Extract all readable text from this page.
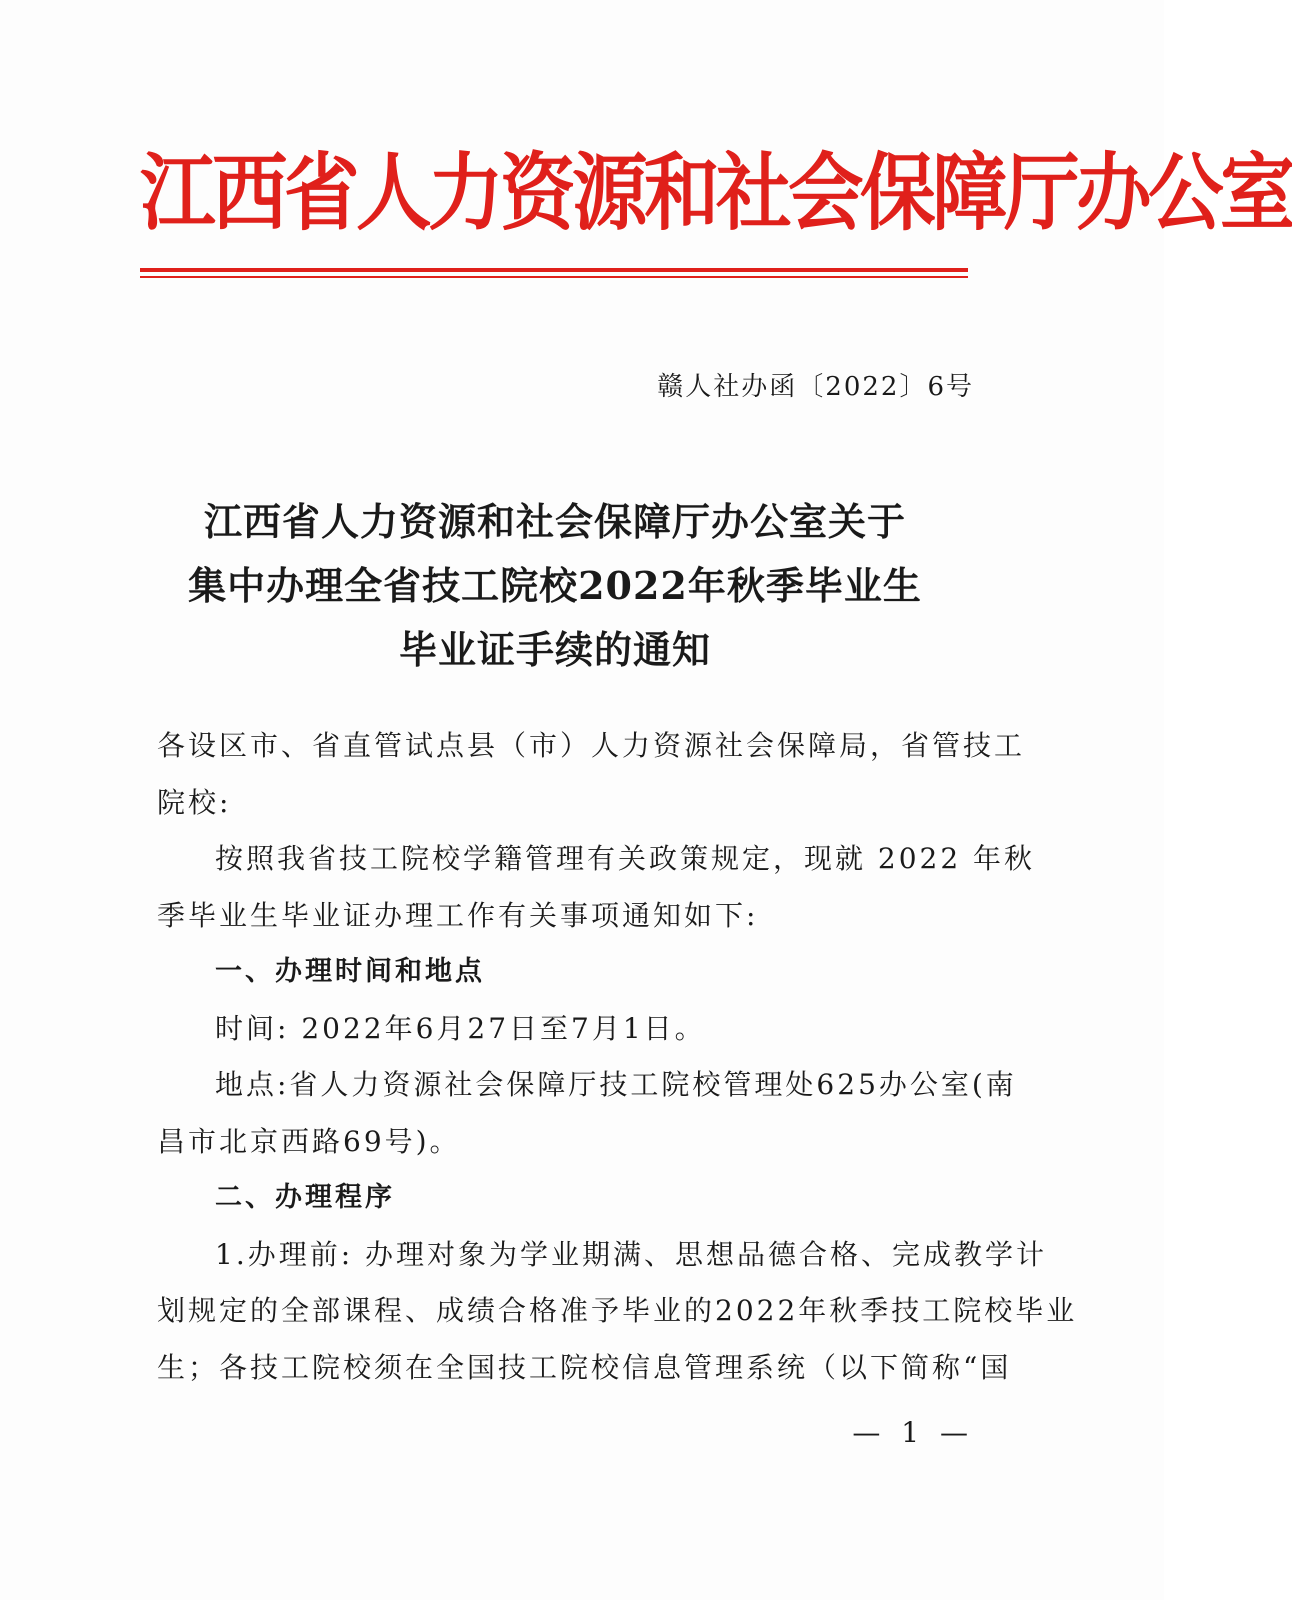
江西省人力资源和社会保障厅办公室
赣人社办函〔2022〕6号
江西省人力资源和社会保障厅办公室关于
集中办理全省技工院校2022年秋季毕业生
毕业证手续的通知
各设区市、省直管试点县（市）人力资源社会保障局，省管技工
院校:
按照我省技工院校学籍管理有关政策规定，现就 2022 年秋
季毕业生毕业证办理工作有关事项通知如下:
一、办理时间和地点
时间: 2022年6月27日至7月1日。
地点:省人力资源社会保障厅技工院校管理处625办公室(南
昌市北京西路69号)。
二、办理程序
1.办理前: 办理对象为学业期满、思想品德合格、完成教学计
划规定的全部课程、成绩合格准予毕业的2022年秋季技工院校毕业
生；各技工院校须在全国技工院校信息管理系统（以下简称“国
— 1 —
